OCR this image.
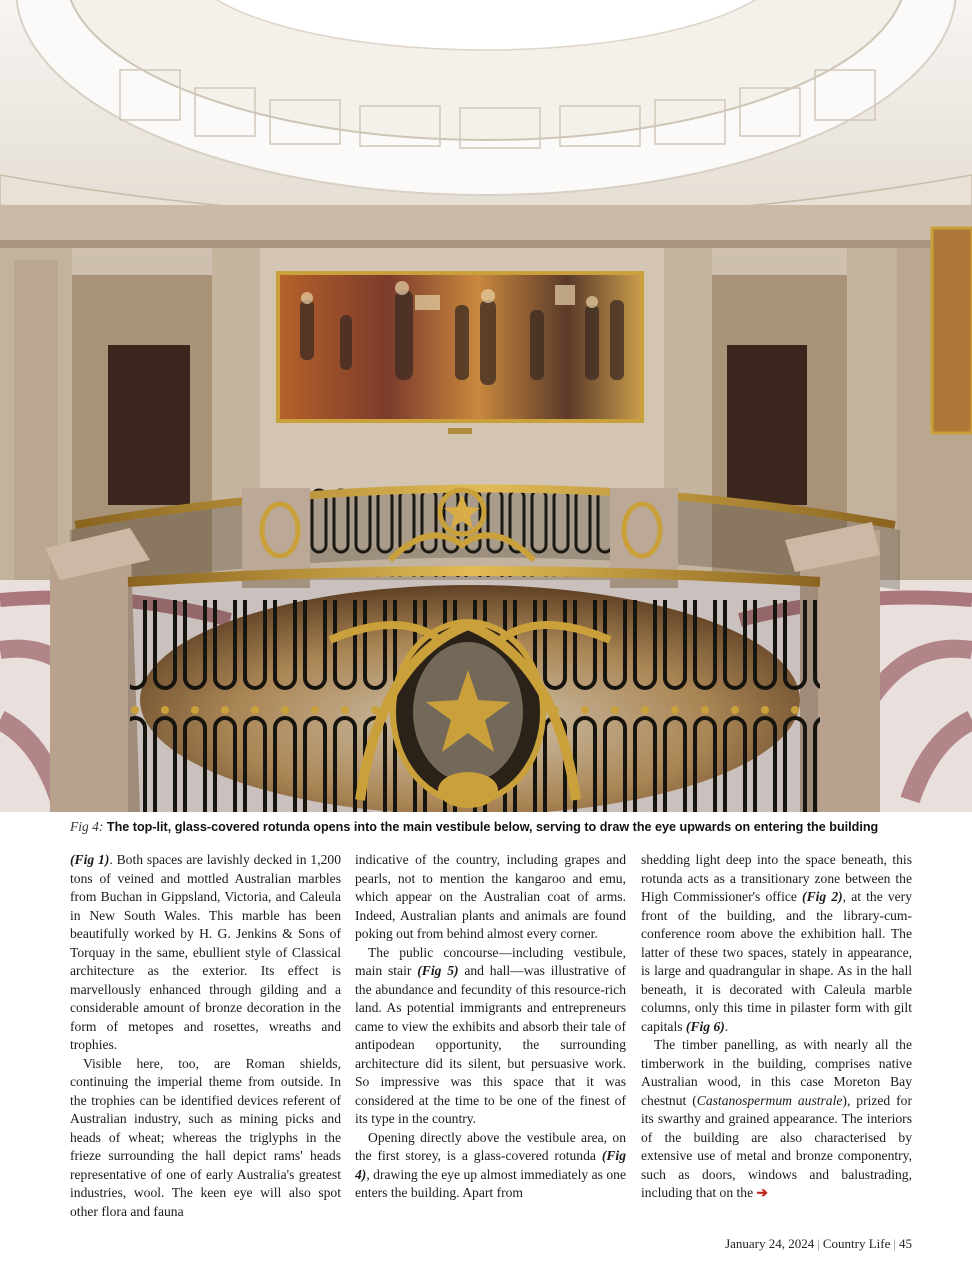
Fig 4: The top-lit, glass-covered rotunda opens into the main vestibule below, serving to draw the eye upwards on entering the building

(Fig 1). Both spaces are lavishly decked in 1,200 tons of veined and mottled Australian marbles from Buchan in Gippsland, Victoria, and Caleula in New South Wales. This marble has been beautifully worked by H. G. Jenkins & Sons of Torquay in the same, ebullient style of Classical architecture as the exterior. Its effect is marvellously enhanced through gilding and a considerable amount of bronze decoration in the form of metopes and rosettes, wreaths and trophies.

Visible here, too, are Roman shields, continuing the imperial theme from outside. In the trophies can be identified devices referent of Australian industry, such as mining picks and heads of wheat; whereas the triglyphs in the frieze surrounding the hall depict rams' heads representative of one of early Australia's greatest industries, wool. The keen eye will also spot other flora and fauna

indicative of the country, including grapes and pearls, not to mention the kangaroo and emu, which appear on the Australian coat of arms. Indeed, Australian plants and animals are found poking out from behind almost every corner.

The public concourse—including vestibule, main stair (Fig 5) and hall—was illustrative of the abundance and fecundity of this resource-rich land. As potential immigrants and entrepreneurs came to view the exhibits and absorb their tale of antipodean opportunity, the surrounding architecture did its silent, but persuasive work. So impressive was this space that it was considered at the time to be one of the finest of its type in the country.

Opening directly above the vestibule area, on the first storey, is a glass-covered rotunda (Fig 4), drawing the eye up almost immediately as one enters the building. Apart from

shedding light deep into the space beneath, this rotunda acts as a transitionary zone between the High Commissioner's office (Fig 2), at the very front of the building, and the library-cum-conference room above the exhibition hall. The latter of these two spaces, stately in appearance, is large and quadrangular in shape. As in the hall beneath, it is decorated with Caleula marble columns, only this time in pilaster form with gilt capitals (Fig 6).

The timber panelling, as with nearly all the timberwork in the building, comprises native Australian wood, in this case Moreton Bay chestnut (Castanospermum australe), prized for its swarthy and grained appearance. The interiors of the building are also characterised by extensive use of metal and bronze componentry, such as doors, windows and balustrading, including that on the ➔

January 24, 2024 | Country Life | 45
